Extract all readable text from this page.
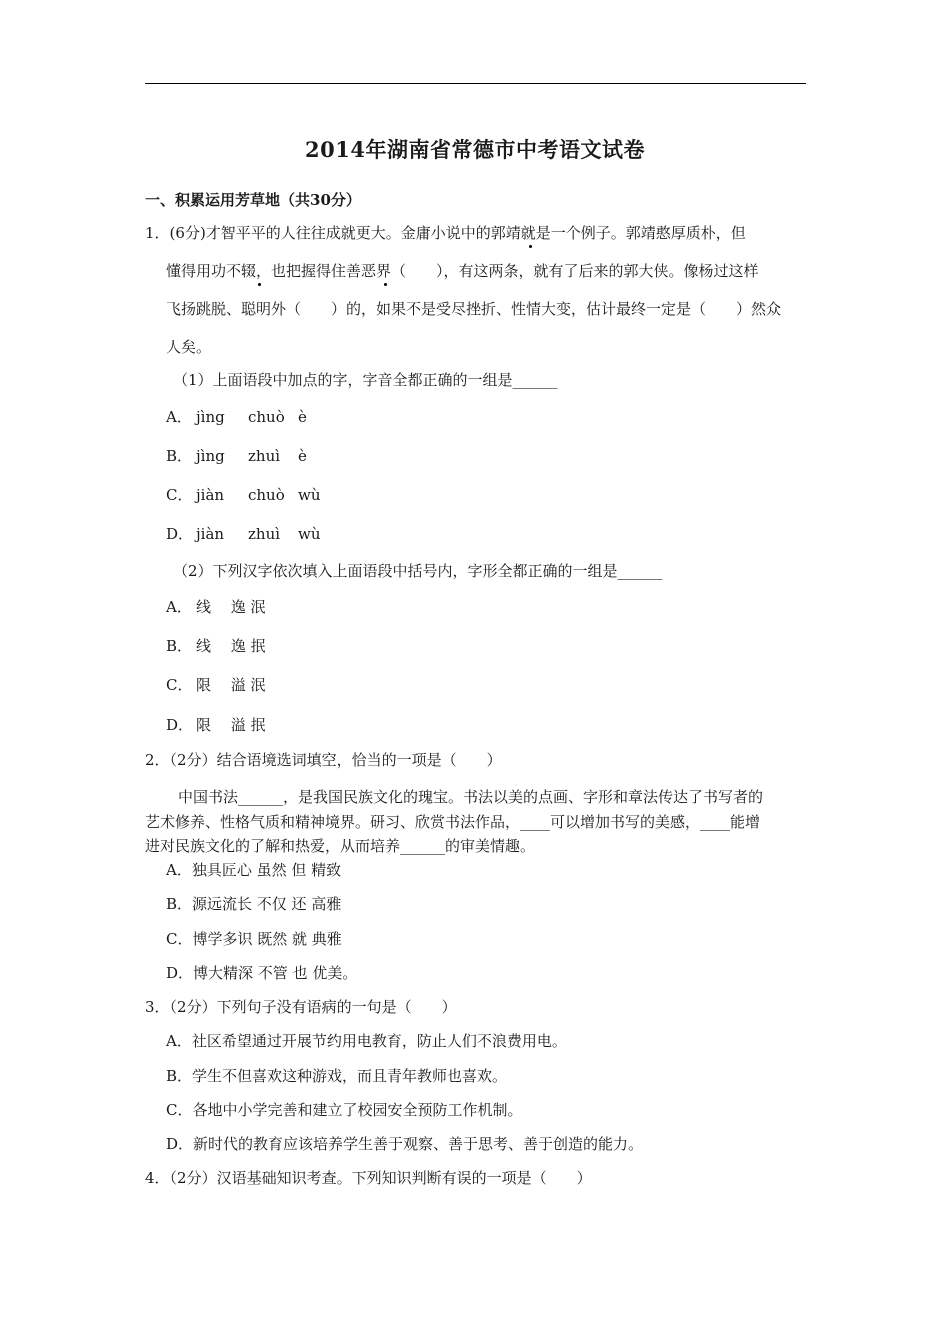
2014年湖南省常德市中考语文试卷
一、积累运用芳草地（共30分）
1．(6分)才智平平的人往往成就更大。金庸小说中的郭靖就是一个例子。郭靖憨厚质朴，但
懂得用功不辍，也把握得住善恶界（　　），有这两条，就有了后来的郭大侠。像杨过这样
飞扬跳脱、聪明外（　　）的，如果不是受尽挫折、性情大变，估计最终一定是（　　）然众
人矣。
（1）上面语段中加点的字，字音全都正确的一组是______
A． jìng chuò è
B． jìng zhuì è
C． jiàn chuò wù
D． jiàn zhuì wù
（2）下列汉字依次填入上面语段中括号内，字形全都正确的一组是______
A． 线　 逸 泯
B． 线　 逸 抿
C． 限　 溢 泯
D． 限　 溢 抿
2．（2分）结合语境选词填空，恰当的一项是（　　）
中国书法______，是我国民族文化的瑰宝。书法以美的点画、字形和章法传达了书写者的
艺术修养、性格气质和精神境界。研习、欣赏书法作品，____可以增加书写的美感，____能增
进对民族文化的了解和热爱，从而培养______的审美情趣。
A．独具匠心 虽然 但 精致
B．源远流长 不仅 还 高雅
C．博学多识 既然 就 典雅
D．博大精深 不管 也 优美。
3．（2分）下列句子没有语病的一句是（　　）
A．社区希望通过开展节约用电教育，防止人们不浪费用电。
B．学生不但喜欢这种游戏，而且青年教师也喜欢。
C．各地中小学完善和建立了校园安全预防工作机制。
D．新时代的教育应该培养学生善于观察、善于思考、善于创造的能力。
4．（2分）汉语基础知识考查。下列知识判断有误的一项是（　　）
